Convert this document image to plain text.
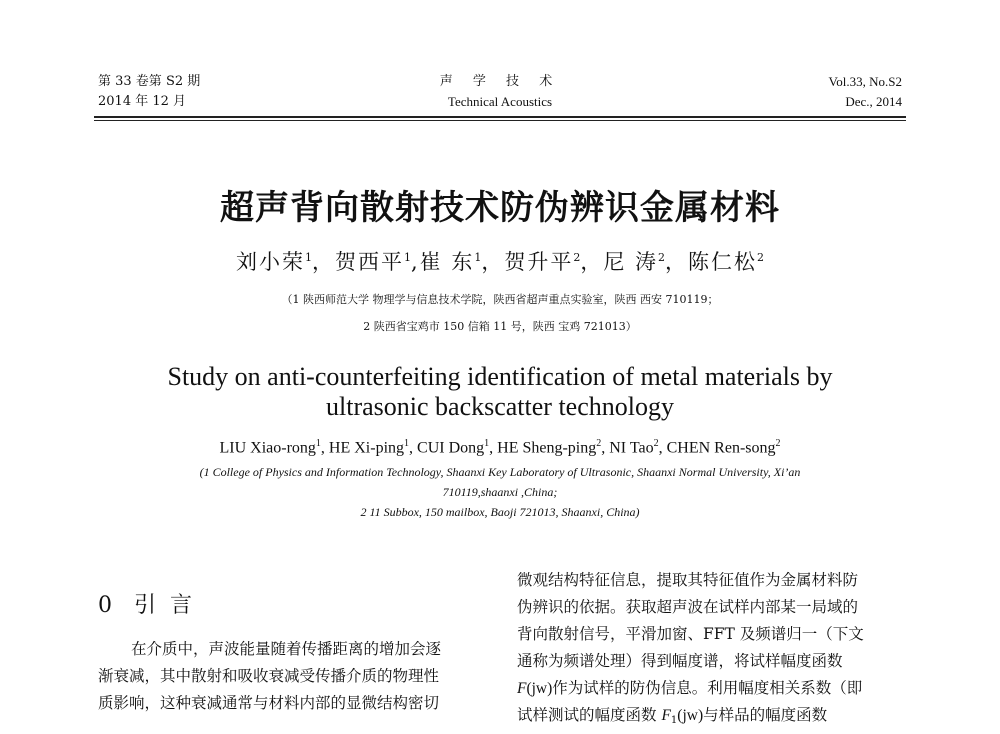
第 33 卷第 S2 期
2014 年 12 月
声 学 技 术
Technical Acoustics
Vol.33, No.S2
Dec., 2014
超声背向散射技术防伪辨识金属材料
刘小荣$^1$，贺西平$^1$,崔 东$^1$，贺升平$^2$，尼 涛$^2$，陈仁松$^2$
（1 陕西师范大学 物理学与信息技术学院，陕西省超声重点实验室，陕西 西安 710119；
2 陕西省宝鸡市 150 信箱 11 号，陕西 宝鸡 721013）
Study on anti-counterfeiting identification of metal materials by
ultrasonic backscatter technology
LIU Xiao-rong$^1$, HE Xi-ping$^1$, CUI Dong$^1$, HE Sheng-ping$^2$, NI Tao$^2$, CHEN Ren-song$^2$
(1 College of Physics and Information Technology, Shaanxi Key Laboratory of Ultrasonic, Shaanxi Normal University, Xi’an
710119,shaanxi ,China;
2 11 Subbox, 150 mailbox, Baoji 721013, Shaanxi, China)
0 引言
在介质中，声波能量随着传播距离的增加会逐
渐衰减，其中散射和吸收衰减受传播介质的物理性
质影响，这种衰减通常与材料内部的显微结构密切
微观结构特征信息，提取其特征值作为金属材料防
伪辨识的依据。获取超声波在试样内部某一局域的
背向散射信号，平滑加窗、FFT 及频谱归一（下文
通称为频谱处理）得到幅度谱，将试样幅度函数
F(jw)作为试样的防伪信息。利用幅度相关系数（即
试样测试的幅度函数 $F_1(jw)$与样品的幅度函数
